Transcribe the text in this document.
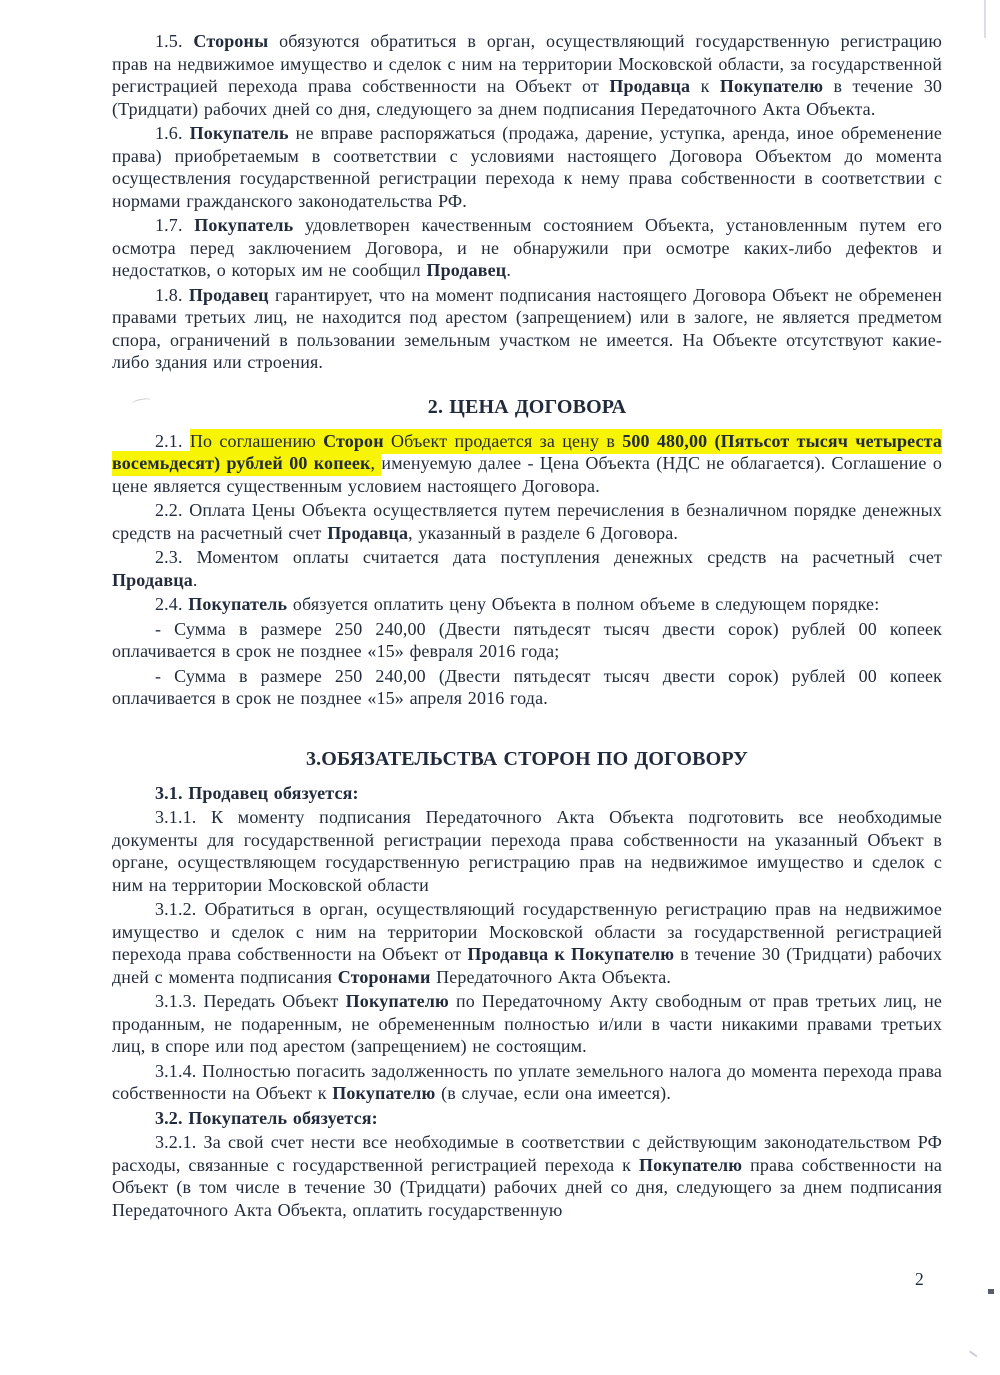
1.5. Стороны обязуются обратиться в орган, осуществляющий государственную регистрацию прав на недвижимое имущество и сделок с ним на территории Московской области, за государственной регистрацией перехода права собственности на Объект от Продавца к Покупателю в течение 30 (Тридцати) рабочих дней со дня, следующего за днем подписания Передаточного Акта Объекта.

1.6. Покупатель не вправе распоряжаться (продажа, дарение, уступка, аренда, иное обременение права) приобретаемым в соответствии с условиями настоящего Договора Объектом до момента осуществления государственной регистрации перехода к нему права собственности в соответствии с нормами гражданского законодательства РФ.

1.7. Покупатель удовлетворен качественным состоянием Объекта, установленным путем его осмотра перед заключением Договора, и не обнаружили при осмотре каких-либо дефектов и недостатков, о которых им не сообщил Продавец.

1.8. Продавец гарантирует, что на момент подписания настоящего Договора Объект не обременен правами третьих лиц, не находится под арестом (запрещением) или в залоге, не является предметом спора, ограничений в пользовании земельным участком не имеется. На Объекте отсутствуют какие-либо здания или строения.

2. ЦЕНА ДОГОВОРА

2.1. По соглашению Сторон Объект продается за цену в 500 480,00 (Пятьсот тысяч четыреста восемьдесят) рублей 00 копеек, именуемую далее - Цена Объекта (НДС не облагается). Соглашение о цене является существенным условием настоящего Договора.

2.2. Оплата Цены Объекта осуществляется путем перечисления в безналичном порядке денежных средств на расчетный счет Продавца, указанный в разделе 6 Договора.

2.3. Моментом оплаты считается дата поступления денежных средств на расчетный счет Продавца.

2.4. Покупатель обязуется оплатить цену Объекта в полном объеме в следующем порядке:

- Сумма в размере 250 240,00 (Двести пятьдесят тысяч двести сорок) рублей 00 копеек оплачивается в срок не позднее «15» февраля 2016 года;

- Сумма в размере 250 240,00 (Двести пятьдесят тысяч двести сорок) рублей 00 копеек оплачивается в срок не позднее «15» апреля 2016 года.

3.ОБЯЗАТЕЛЬСТВА СТОРОН ПО ДОГОВОРУ

3.1. Продавец обязуется:

3.1.1. К моменту подписания Передаточного Акта Объекта подготовить все необходимые документы для государственной регистрации перехода права собственности на указанный Объект в органе, осуществляющем государственную регистрацию прав на недвижимое имущество и сделок с ним на территории Московской области

3.1.2. Обратиться в орган, осуществляющий государственную регистрацию прав на недвижимое имущество и сделок с ним на территории Московской области за государственной регистрацией перехода права собственности на Объект от Продавца к Покупателю в течение 30 (Тридцати) рабочих дней с момента подписания Сторонами Передаточного Акта Объекта.

3.1.3. Передать Объект Покупателю по Передаточному Акту свободным от прав третьих лиц, не проданным, не подаренным, не обремененным полностью и/или в части никакими правами третьих лиц, в споре или под арестом (запрещением) не состоящим.

3.1.4. Полностью погасить задолженность по уплате земельного налога до момента перехода права собственности на Объект к Покупателю (в случае, если она имеется).

3.2. Покупатель обязуется:

3.2.1. За свой счет нести все необходимые в соответствии с действующим законодательством РФ расходы, связанные с государственной регистрацией перехода к Покупателю права собственности на Объект (в том числе в течение 30 (Тридцати) рабочих дней со дня, следующего за днем подписания Передаточного Акта Объекта, оплатить государственную

2
